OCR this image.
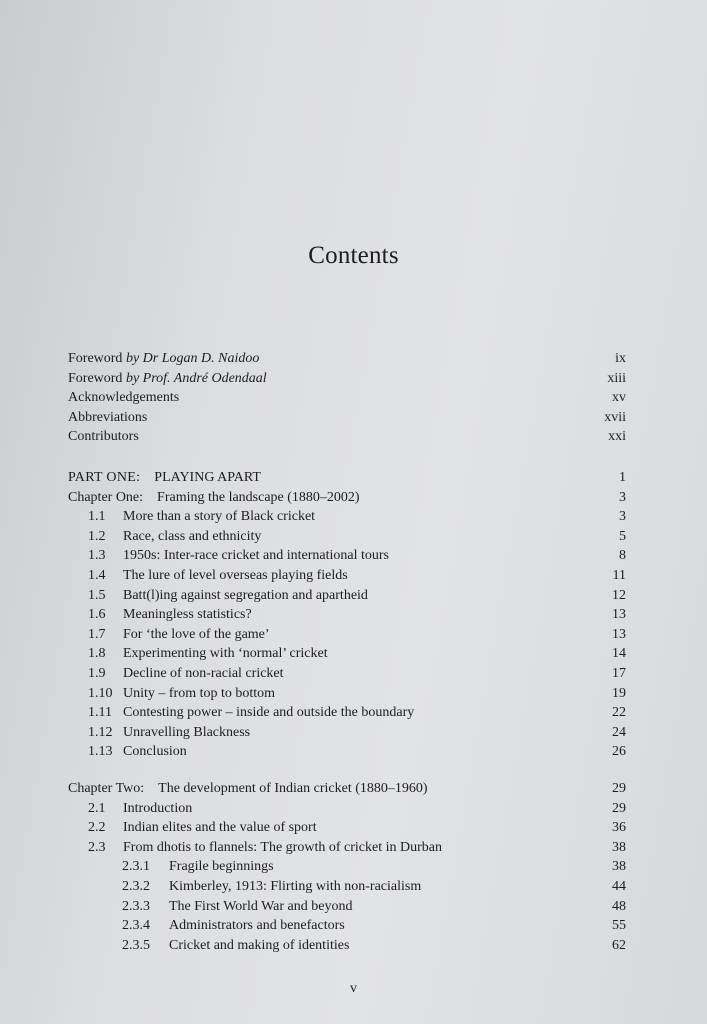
Contents
Foreword by Dr Logan D. Naidoo	ix
Foreword by Prof. André Odendaal	xiii
Acknowledgements	xv
Abbreviations	xvii
Contributors	xxi
PART ONE: PLAYING APART	1
Chapter One: Framing the landscape (1880–2002)	3
1.1 More than a story of Black cricket	3
1.2 Race, class and ethnicity	5
1.3 1950s: Inter-race cricket and international tours	8
1.4 The lure of level overseas playing fields	11
1.5 Batt(l)ing against segregation and apartheid	12
1.6 Meaningless statistics?	13
1.7 For ‘the love of the game’	13
1.8 Experimenting with ‘normal’ cricket	14
1.9 Decline of non-racial cricket	17
1.10 Unity – from top to bottom	19
1.11 Contesting power – inside and outside the boundary	22
1.12 Unravelling Blackness	24
1.13 Conclusion	26
Chapter Two: The development of Indian cricket (1880–1960)	29
2.1 Introduction	29
2.2 Indian elites and the value of sport	36
2.3 From dhotis to flannels: The growth of cricket in Durban	38
2.3.1 Fragile beginnings	38
2.3.2 Kimberley, 1913: Flirting with non-racialism	44
2.3.3 The First World War and beyond	48
2.3.4 Administrators and benefactors	55
2.3.5 Cricket and making of identities	62
v
